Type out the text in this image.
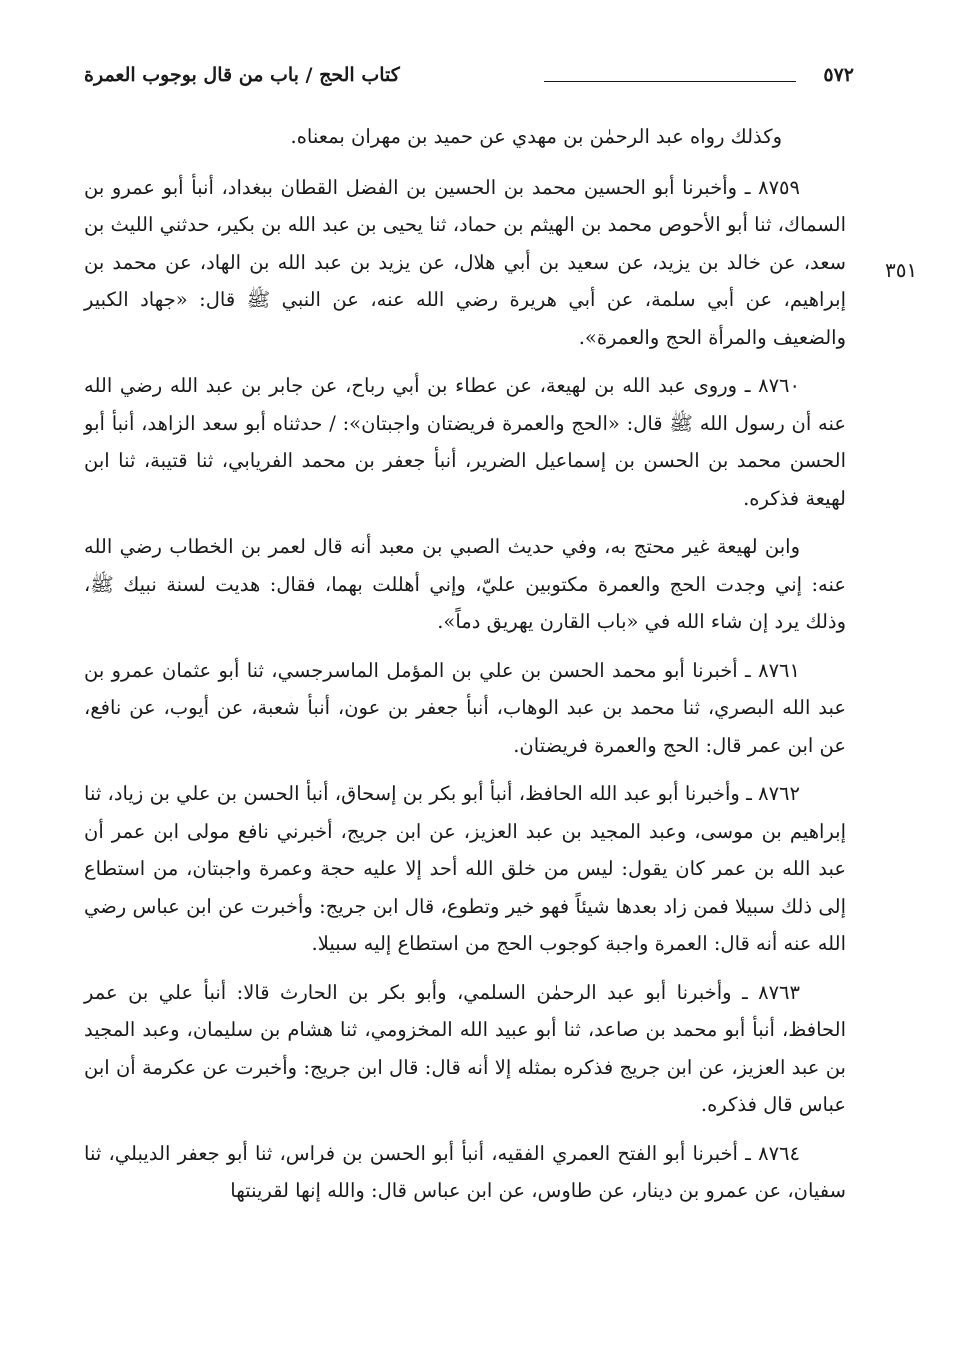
٥٧٢
كتاب الحج / باب من قال بوجوب العمرة
٣٥١

وكذلك رواه عبد الرحمٰن بن مهدي عن حميد بن مهران بمعناه.

٨٧٥٩ ـ وأخبرنا أبو الحسين محمد بن الحسين بن الفضل القطان ببغداد، أنبأ أبو عمرو بن السماك، ثنا أبو الأحوص محمد بن الهيثم بن حماد، ثنا يحيى بن عبد الله بن بكير، حدثني الليث بن سعد، عن خالد بن يزيد، عن سعيد بن أبي هلال، عن يزيد بن عبد الله بن الهاد، عن محمد بن إبراهيم، عن أبي سلمة، عن أبي هريرة رضي الله عنه، عن النبي ﷺ قال: «جهاد الكبير والضعيف والمرأة الحج والعمرة».

٨٧٦٠ ـ وروى عبد الله بن لهيعة، عن عطاء بن أبي رباح، عن جابر بن عبد الله رضي الله عنه أن رسول الله ﷺ قال: «الحج والعمرة فريضتان واجبتان»: / حدثناه أبو سعد الزاهد، أنبأ أبو الحسن محمد بن الحسن بن إسماعيل الضرير، أنبأ جعفر بن محمد الفريابي، ثنا قتيبة، ثنا ابن لهيعة فذكره.

وابن لهيعة غير محتج به، وفي حديث الصبي بن معبد أنه قال لعمر بن الخطاب رضي الله عنه: إني وجدت الحج والعمرة مكتوبين عليّ، وإني أهللت بهما، فقال: هديت لسنة نبيك ﷺ، وذلك يرد إن شاء الله في «باب القارن يهريق دماً».

٨٧٦١ ـ أخبرنا أبو محمد الحسن بن علي بن المؤمل الماسرجسي، ثنا أبو عثمان عمرو بن عبد الله البصري، ثنا محمد بن عبد الوهاب، أنبأ جعفر بن عون، أنبأ شعبة، عن أيوب، عن نافع، عن ابن عمر قال: الحج والعمرة فريضتان.

٨٧٦٢ ـ وأخبرنا أبو عبد الله الحافظ، أنبأ أبو بكر بن إسحاق، أنبأ الحسن بن علي بن زياد، ثنا إبراهيم بن موسى، وعبد المجيد بن عبد العزيز، عن ابن جريج، أخبرني نافع مولى ابن عمر أن عبد الله بن عمر كان يقول: ليس من خلق الله أحد إلا عليه حجة وعمرة واجبتان، من استطاع إلى ذلك سبيلا فمن زاد بعدها شيئاً فهو خير وتطوع، قال ابن جريج: وأخبرت عن ابن عباس رضي الله عنه أنه قال: العمرة واجبة كوجوب الحج من استطاع إليه سبيلا.

٨٧٦٣ ـ وأخبرنا أبو عبد الرحمٰن السلمي، وأبو بكر بن الحارث قالا: أنبأ علي بن عمر الحافظ، أنبأ أبو محمد بن صاعد، ثنا أبو عبيد الله المخزومي، ثنا هشام بن سليمان، وعبد المجيد بن عبد العزيز، عن ابن جريج فذكره بمثله إلا أنه قال: قال ابن جريج: وأخبرت عن عكرمة أن ابن عباس قال فذكره.

٨٧٦٤ ـ أخبرنا أبو الفتح العمري الفقيه، أنبأ أبو الحسن بن فراس، ثنا أبو جعفر الديبلي، ثنا سفيان، عن عمرو بن دينار، عن طاوس، عن ابن عباس قال: والله إنها لقرينتها
